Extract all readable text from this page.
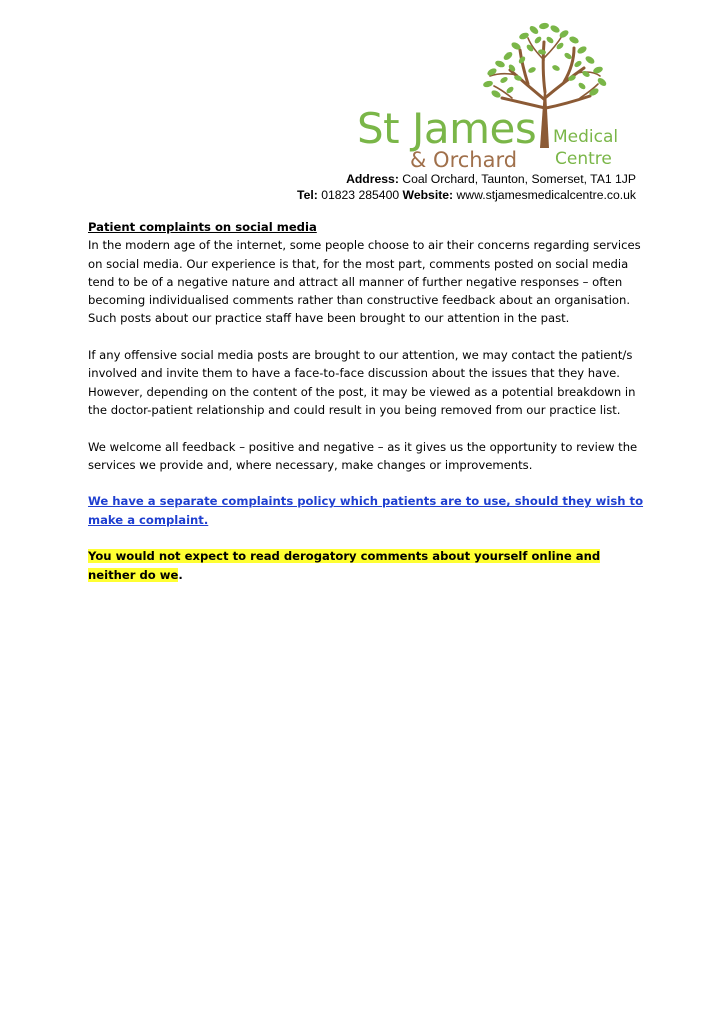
St James
& Orchard
Medical
Centre
Address: Coal Orchard, Taunton, Somerset, TA1 1JP
Tel: 01823 285400 Website: www.stjamesmedicalcentre.co.uk

Patient complaints on social media

In the modern age of the internet, some people choose to air their concerns regarding services on social media. Our experience is that, for the most part, comments posted on social media tend to be of a negative nature and attract all manner of further negative responses – often becoming individualised comments rather than constructive feedback about an organisation. Such posts about our practice staff have been brought to our attention in the past.

If any offensive social media posts are brought to our attention, we may contact the patient/s involved and invite them to have a face-to-face discussion about the issues that they have. However, depending on the content of the post, it may be viewed as a potential breakdown in the doctor-patient relationship and could result in you being removed from our practice list.

We welcome all feedback – positive and negative – as it gives us the opportunity to review the services we provide and, where necessary, make changes or improvements.

We have a separate complaints policy which patients are to use, should they wish to make a complaint.

You would not expect to read derogatory comments about yourself online and neither do we.
